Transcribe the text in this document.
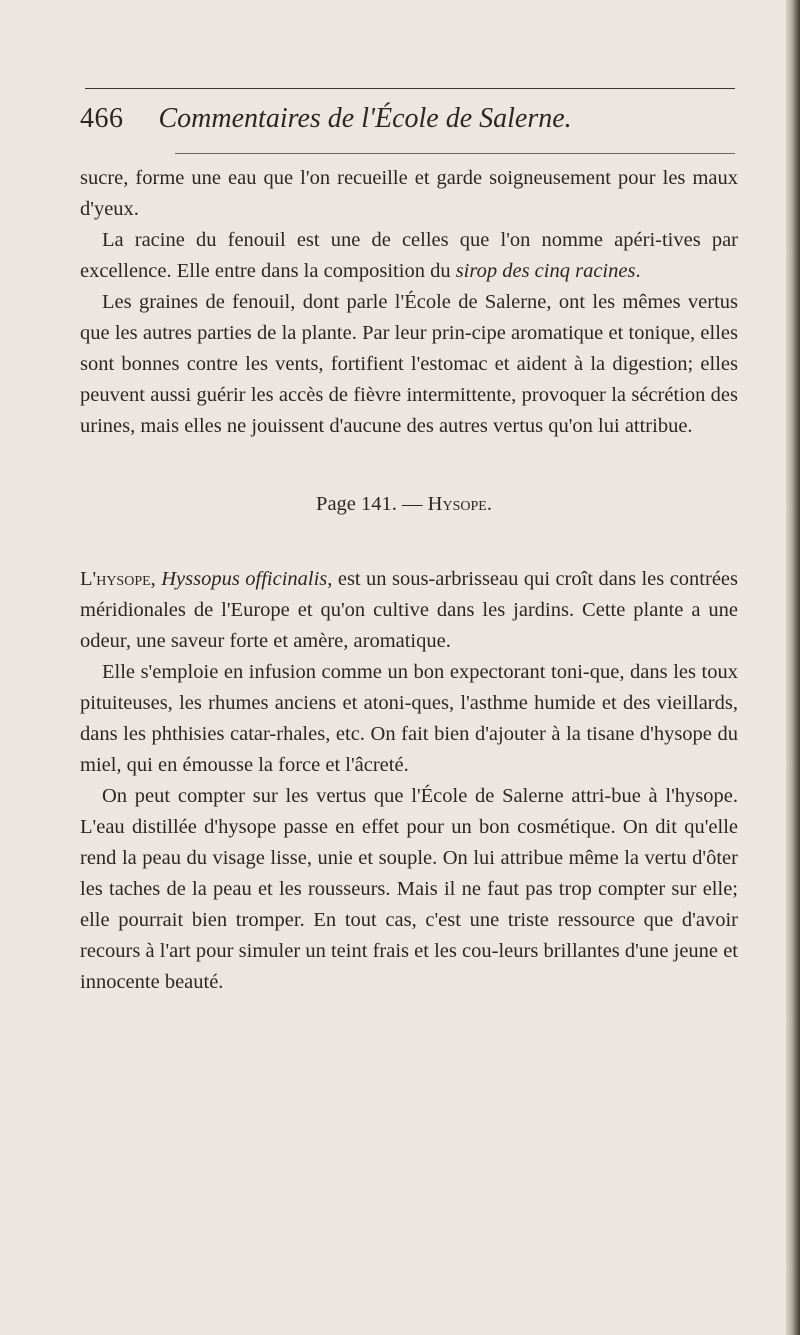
466 Commentaires de l'École de Salerne.

sucre, forme une eau que l'on recueille et garde soigneusement pour les maux d'yeux.

La racine du fenouil est une de celles que l'on nomme apéri-tives par excellence. Elle entre dans la composition du sirop des cinq racines.

Les graines de fenouil, dont parle l'École de Salerne, ont les mêmes vertus que les autres parties de la plante. Par leur prin-cipe aromatique et tonique, elles sont bonnes contre les vents, fortifient l'estomac et aident à la digestion; elles peuvent aussi guérir les accès de fièvre intermittente, provoquer la sécrétion des urines, mais elles ne jouissent d'aucune des autres vertus qu'on lui attribue.

Page 141. — Hysope.

L'hysope, Hyssopus officinalis, est un sous-arbrisseau qui croît dans les contrées méridionales de l'Europe et qu'on cultive dans les jardins. Cette plante a une odeur, une saveur forte et amère, aromatique.

Elle s'emploie en infusion comme un bon expectorant toni-que, dans les toux pituiteuses, les rhumes anciens et atoni-ques, l'asthme humide et des vieillards, dans les phthisies catar-rhales, etc. On fait bien d'ajouter à la tisane d'hysope du miel, qui en émousse la force et l'âcreté.

On peut compter sur les vertus que l'École de Salerne attri-bue à l'hysope. L'eau distillée d'hysope passe en effet pour un bon cosmétique. On dit qu'elle rend la peau du visage lisse, unie et souple. On lui attribue même la vertu d'ôter les taches de la peau et les rousseurs. Mais il ne faut pas trop compter sur elle; elle pourrait bien tromper. En tout cas, c'est une triste ressource que d'avoir recours à l'art pour simuler un teint frais et les cou-leurs brillantes d'une jeune et innocente beauté.
